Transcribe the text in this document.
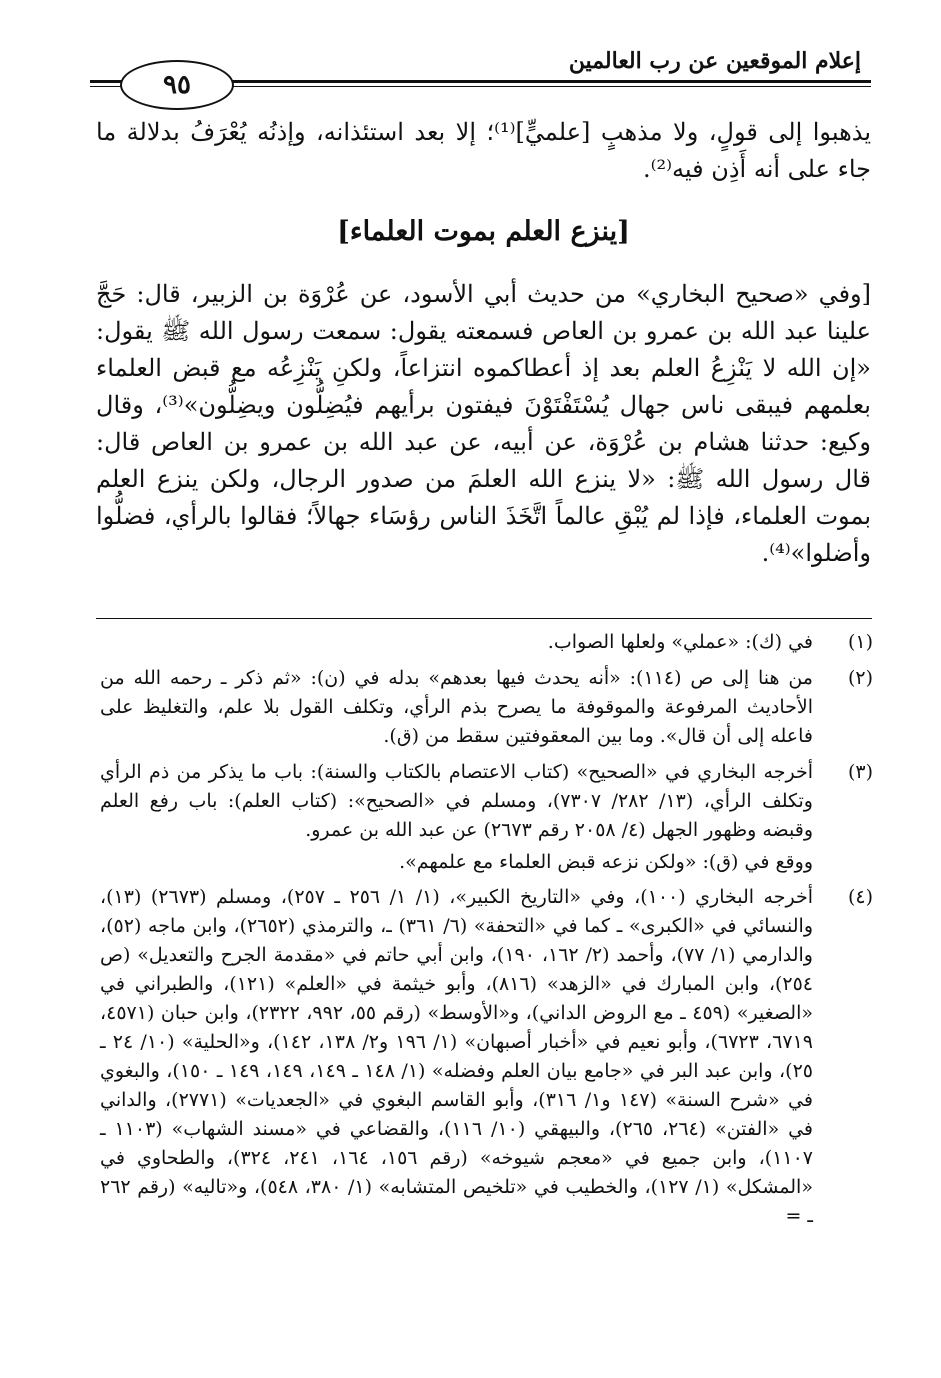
إعلام الموقعين عن رب العالمين
٩٥
يذهبوا إلى قولٍ، ولا مذهبٍ [علميٍّ]⁽¹⁾؛ إلا بعد استئذانه، وإذنُه يُعْرَفُ بدلالة ما جاء على أنه أَذِن فيه⁽²⁾.
[ينزع العلم بموت العلماء]
[وفي «صحيح البخاري» من حديث أبي الأسود، عن عُرْوَة بن الزبير، قال: حَجَّ علينا عبد الله بن عمرو بن العاص فسمعته يقول: سمعت رسول الله ﷺ يقول: «إن الله لا يَنْزِعُ العلم بعد إذ أعطاكموه انتزاعاً، ولكنِ يَنْزِعُه مع قبض العلماء بعلمهم فيبقى ناس جهال يُسْتَفْتَوْنَ فيفتون برأيهم فيُضِلُّون ويضِلُّون»⁽³⁾، وقال وكيع: حدثنا هشام بن عُرْوَة، عن أبيه، عن عبد الله بن عمرو بن العاص قال: قال رسول الله ﷺ: «لا ينزع الله العلمَ من صدور الرجال، ولكن ينزع العلم بموت العلماء، فإذا لم يُبْقِ عالماً اتَّخَذَ الناس رؤسَاء جهالاً؛ فقالوا بالرأي، فضلُّوا وأضلوا»⁽⁴⁾.
(١)
في (ك): «عملي» ولعلها الصواب.
(٢)
من هنا إلى ص (١١٤): «أنه يحدث فيها بعدهم» بدله في (ن): «ثم ذكر ـ رحمه الله من الأحاديث المرفوعة والموقوفة ما يصرح بذم الرأي، وتكلف القول بلا علم، والتغليظ على فاعله إلى أن قال». وما بين المعقوفتين سقط من (ق).
(٣)
أخرجه البخاري في «الصحيح» (كتاب الاعتصام بالكتاب والسنة): باب ما يذكر من ذم الرأي وتكلف الرأي، (١٣/ ٢٨٢/ ٧٣٠٧)، ومسلم في «الصحيح»: (كتاب العلم): باب رفع العلم وقبضه وظهور الجهل (٤/ ٢٠٥٨ رقم ٢٦٧٣) عن عبد الله بن عمرو.
ووقع في (ق): «ولكن نزعه قبض العلماء مع علمهم».
(٤)
أخرجه البخاري (١٠٠)، وفي «التاريخ الكبير»، (١/ ١/ ٢٥٦ ـ ٢٥٧)، ومسلم (٢٦٧٣) (١٣)، والنسائي في «الكبرى» ـ كما في «التحفة» (٦/ ٣٦١) ـ، والترمذي (٢٦٥٢)، وابن ماجه (٥٢)، والدارمي (١/ ٧٧)، وأحمد (٢/ ١٦٢، ١٩٠)، وابن أبي حاتم في «مقدمة الجرح والتعديل» (ص ٢٥٤)، وابن المبارك في «الزهد» (٨١٦)، وأبو خيثمة في «العلم» (١٢١)، والطبراني في «الصغير» (٤٥٩ ـ مع الروض الداني)، و«الأوسط» (رقم ٥٥، ٩٩٢، ٢٣٢٢)، وابن حبان (٤٥٧١، ٦٧١٩، ٦٧٢٣)، وأبو نعيم في «أخبار أصبهان» (١/ ١٩٦ و٢/ ١٣٨، ١٤٢)، و«الحلية» (١٠/ ٢٤ ـ ٢٥)، وابن عبد البر في «جامع بيان العلم وفضله» (١/ ١٤٨ ـ ١٤٩، ١٤٩، ١٤٩ ـ ١٥٠)، والبغوي في «شرح السنة» (١٤٧ و١/ ٣١٦)، وأبو القاسم البغوي في «الجعديات» (٢٧٧١)، والداني في «الفتن» (٢٦٤، ٢٦٥)، والبيهقي (١٠/ ١١٦)، والقضاعي في «مسند الشهاب» (١١٠٣ ـ ١١٠٧)، وابن جميع في «معجم شيوخه» (رقم ١٥٦، ١٦٤، ٢٤١، ٣٢٤)، والطحاوي في «المشكل» (١/ ١٢٧)، والخطيب في «تلخيص المتشابه» (١/ ٣٨٠، ٥٤٨)، و«تاليه» (رقم ٢٦٢ ـ =
